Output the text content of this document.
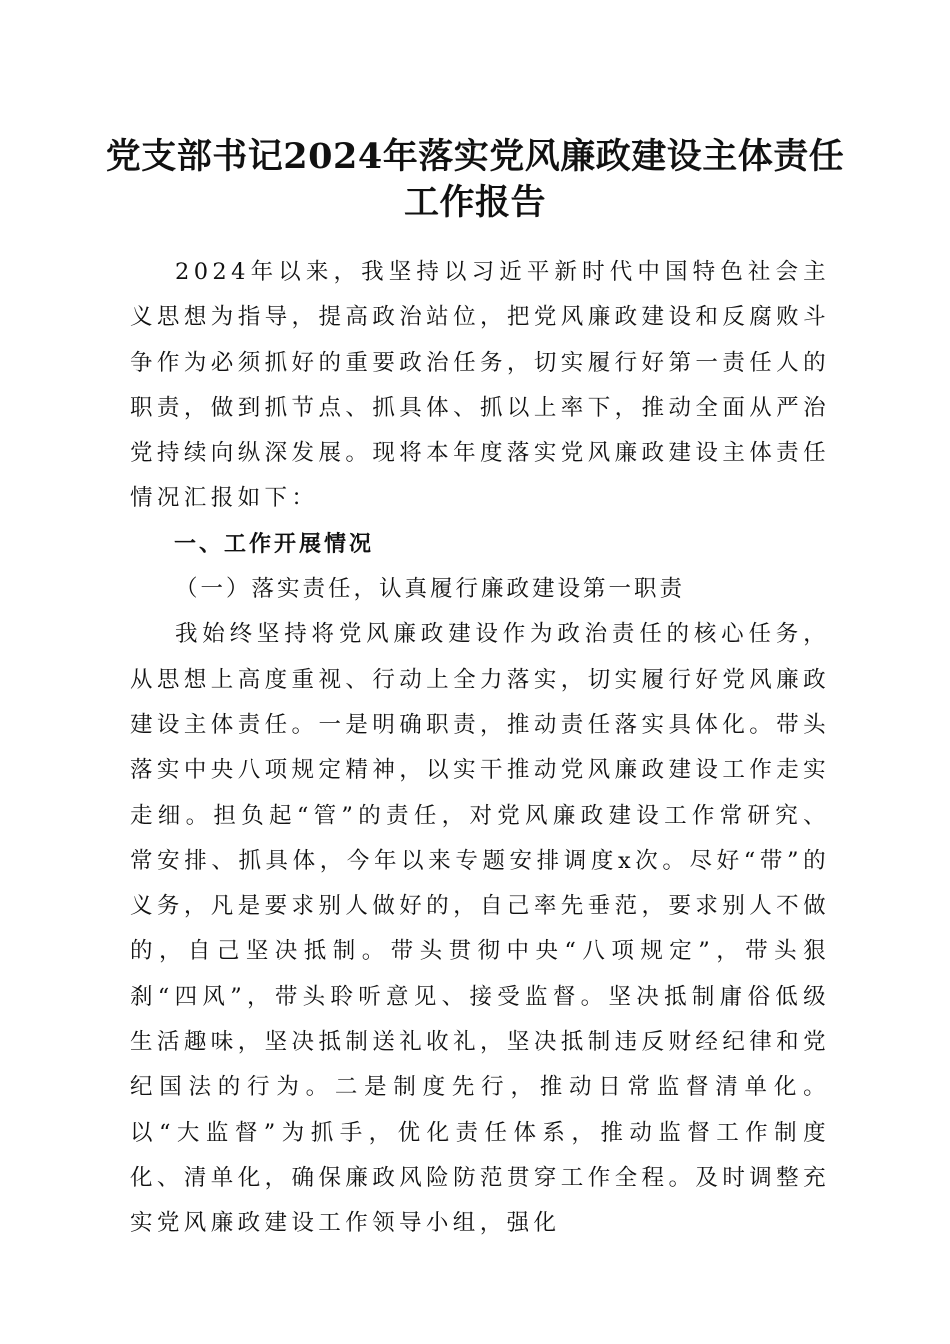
党支部书记2024年落实党风廉政建设主体责任工作报告

2024年以来，我坚持以习近平新时代中国特色社会主义思想为指导，提高政治站位，把党风廉政建设和反腐败斗争作为必须抓好的重要政治任务，切实履行好第一责任人的职责，做到抓节点、抓具体、抓以上率下，推动全面从严治党持续向纵深发展。现将本年度落实党风廉政建设主体责任情况汇报如下：

一、工作开展情况

（一）落实责任，认真履行廉政建设第一职责

我始终坚持将党风廉政建设作为政治责任的核心任务，从思想上高度重视、行动上全力落实，切实履行好党风廉政建设主体责任。一是明确职责，推动责任落实具体化。带头落实中央八项规定精神，以实干推动党风廉政建设工作走实走细。担负起“管”的责任，对党风廉政建设工作常研究、常安排、抓具体，今年以来专题安排调度x次。尽好“带”的义务，凡是要求别人做好的，自己率先垂范，要求别人不做的，自己坚决抵制。带头贯彻中央“八项规定”，带头狠刹“四风”，带头聆听意见、接受监督。坚决抵制庸俗低级生活趣味，坚决抵制送礼收礼，坚决抵制违反财经纪律和党纪国法的行为。二是制度先行，推动日常监督清单化。以“大监督”为抓手，优化责任体系，推动监督工作制度化、清单化，确保廉政风险防范贯穿工作全程。及时调整充实党风廉政建设工作领导小组，强化
